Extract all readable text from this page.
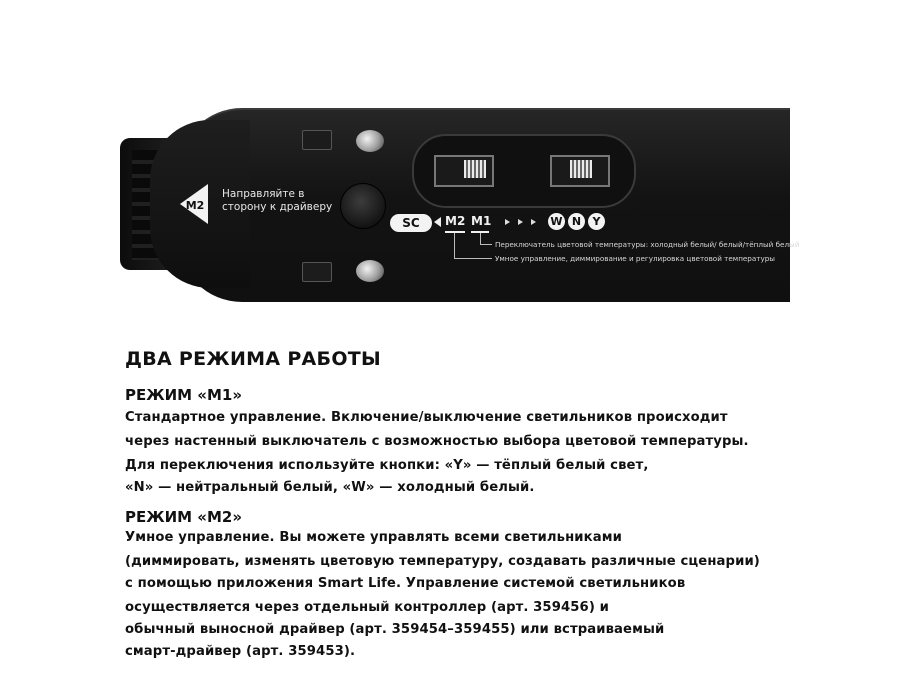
M2
Направляйте в
сторону к драйверу
SC	M2 M1	W N	Y
Переключатель цветовой температуры: холодный белый/ белый/тёплый белый
Умное управление, диммирование и регулировка цветовой температуры
ДВА РЕЖИМА РАБОТЫ
РЕЖИМ «М1»
Стандартное управление. Включение/выключение светильников происходит
через настенный выключатель с возможностью выбора цветовой температуры.
Для переключения используйте кнопки: «Y» — тёплый белый свет,
«N» — нейтральный белый, «W» — холодный белый.
РЕЖИМ «М2»
Умное управление. Вы можете управлять всеми светильниками
(диммировать, изменять цветовую температуру, создавать различные сценарии)
с помощью приложения Smart Life. Управление системой светильников
осуществляется через отдельный контроллер (арт. 359456) и
обычный выносной драйвер (арт. 359454–359455) или встраиваемый
смарт-драйвер (арт. 359453).
